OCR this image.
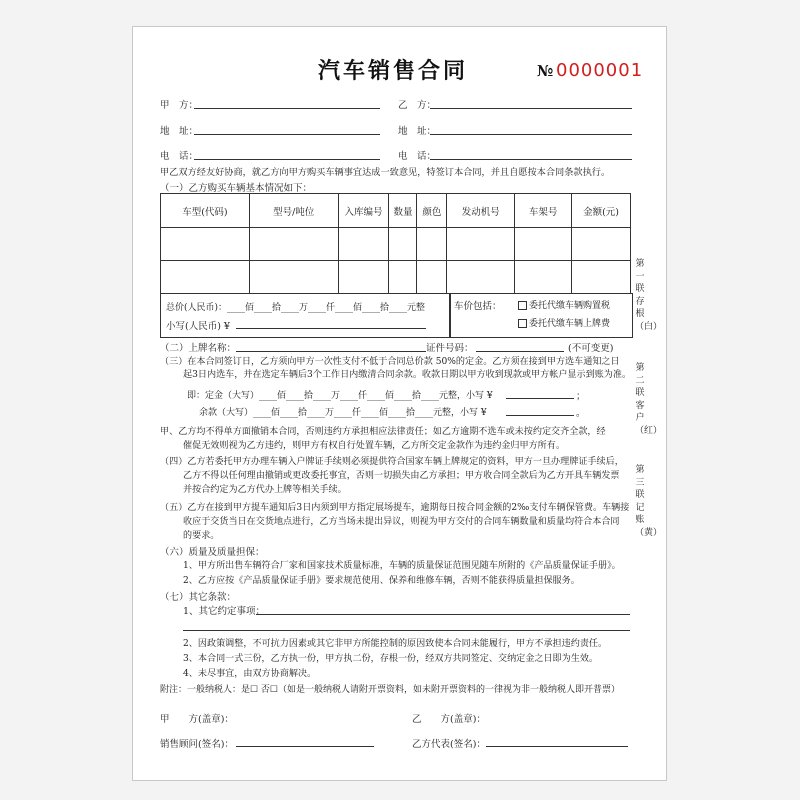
汽车销售合同	№ 0000001
甲　方：	乙　方：
地　址：	地　址：
电　话：	电　话：
甲乙双方经友好协商，就乙方向甲方购买车辆事宜达成一致意见，特签订本合同，并且自愿按本合同条款执行。
（一）乙方购买车辆基本情况如下：
车型(代码)	型号/吨位	入库编号	数量	颜色	发动机号	车架号	金额(元)

总价(人民币)：____佰____拾____万____仟____佰____拾____元整
小写(人民币) ¥
车价包括：	委托代缴车辆购置税
委托代缴车辆上牌费
（二）上牌名称：	证件号码：	(不可变更)
（三）在本合同签订日，乙方须向甲方一次性支付不低于合同总价款 50%的定金。乙方须在接到甲方选车通知之日
起3日内选车，并在选定车辆后3个工作日内缴清合同余款。收款日期以甲方收到现款或甲方帐户显示到账为准。
即：定金（大写）____佰____拾____万____仟____佰____拾____元整，小写 ¥	；
余款（大写）____佰____拾____万____仟____佰____拾____元整，小写 ¥	。
甲、乙方均不得单方面撤销本合同，否则违约方承担相应法律责任；如乙方逾期不选车或未按约定交齐全款，经
催促无效则视为乙方违约，则甲方有权自行处置车辆，乙方所交定金款作为违约金归甲方所有。
（四）乙方若委托甲方办理车辆入户牌证手续则必须提供符合国家车辆上牌规定的资料，甲方一旦办理牌证手续后，
乙方不得以任何理由撤销或更改委托事宜，否则一切损失由乙方承担；甲方收合同全款后为乙方开具车辆发票
并按合约定为乙方代办上牌等相关手续。
（五）乙方在接到甲方提车通知后3日内须到甲方指定展场提车，逾期每日按合同金额的2‰支付车辆保管费。车辆接
收应于交货当日在交货地点进行，乙方当场未提出异议，则视为甲方交付的合同车辆数量和质量均符合本合同
的要求。
（六）质量及质量担保：
1、甲方所出售车辆符合厂家和国家技术质量标准，车辆的质量保证范围见随车所附的《产品质量保证手册》。
2、乙方应按《产品质量保证手册》要求规范使用、保养和维修车辆，否则不能获得质量担保服务。
（七）其它条款：
1、其它约定事项：
2、因政策调整，不可抗力因素或其它非甲方所能控制的原因致使本合同未能履行，甲方不承担违约责任。
3、本合同一式三份，乙方执一份，甲方执二份，存根一份，经双方共同签定、交纳定金之日即为生效。
4、未尽事宜，由双方协商解决。
附注：一般纳税人：是☐ 否☐（如是一般纳税人请附开票资料，如未附开票资料的一律视为非一般纳税人即开普票）
甲　　方(盖章)：	乙　　方(盖章)：
销售顾问(签名)：	乙方代表(签名)：
第一联　存根（白）
第二联　客户（红）
第三联　记账（黄）
